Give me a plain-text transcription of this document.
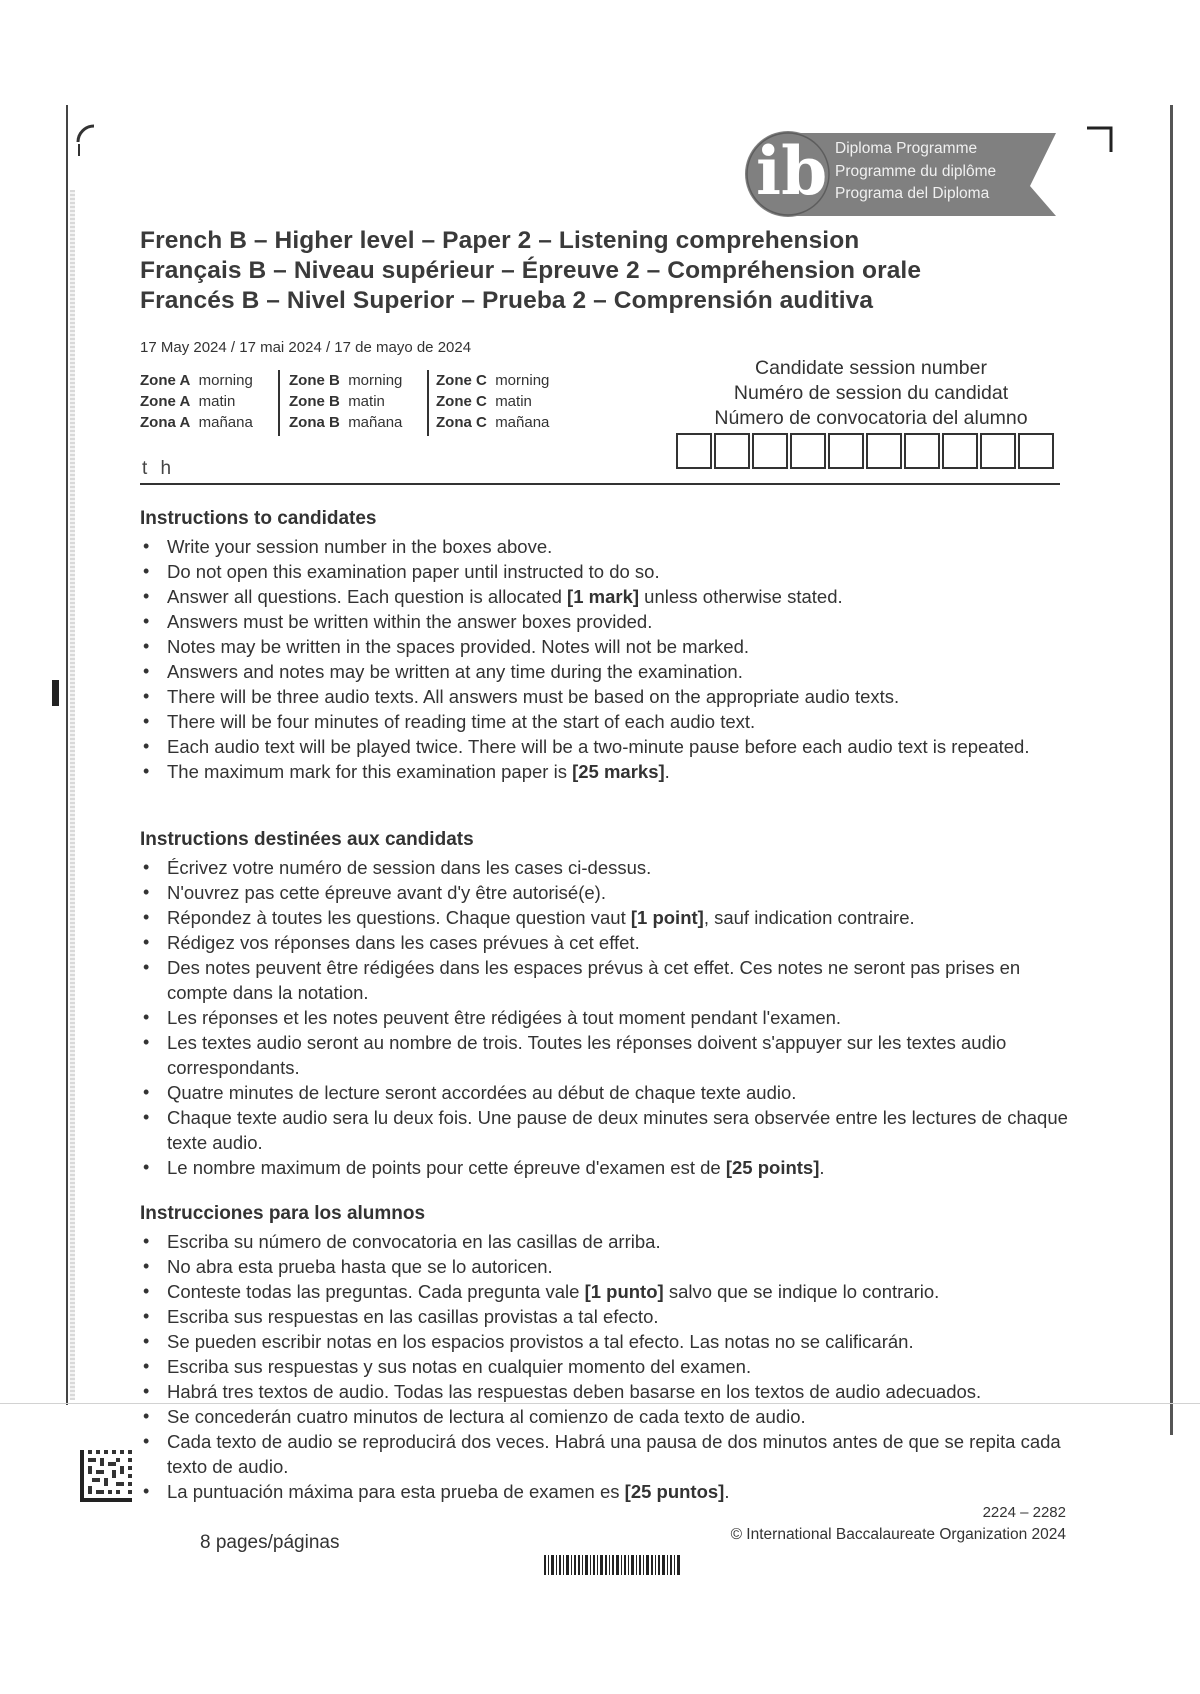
ib Diploma Programme
Programme du diplôme
Programa del Diploma
French B – Higher level – Paper 2 – Listening comprehension
Français B – Niveau supérieur – Épreuve 2 – Compréhension orale
Francés B – Nivel Superior – Prueba 2 – Comprensión auditiva
17 May 2024 / 17 mai 2024 / 17 de mayo de 2024
Zone A morning
Zone A matin
Zona A mañana
Zone B morning
Zone B matin
Zona B mañana
Zone C morning
Zone C matin
Zona C mañana
t h
Candidate session number
Numéro de session du candidat
Número de convocatoria del alumno
Instructions to candidates
• Write your session number in the boxes above.
• Do not open this examination paper until instructed to do so.
• Answer all questions. Each question is allocated [1 mark] unless otherwise stated.
• Answers must be written within the answer boxes provided.
• Notes may be written in the spaces provided. Notes will not be marked.
• Answers and notes may be written at any time during the examination.
• There will be three audio texts. All answers must be based on the appropriate audio texts.
• There will be four minutes of reading time at the start of each audio text.
• Each audio text will be played twice. There will be a two-minute pause before each audio text is repeated.
• The maximum mark for this examination paper is [25 marks].
Instructions destinées aux candidats
• Écrivez votre numéro de session dans les cases ci-dessus.
• N'ouvrez pas cette épreuve avant d'y être autorisé(e).
• Répondez à toutes les questions. Chaque question vaut [1 point], sauf indication contraire.
• Rédigez vos réponses dans les cases prévues à cet effet.
• Des notes peuvent être rédigées dans les espaces prévus à cet effet. Ces notes ne seront pas prises en compte dans la notation.
• Les réponses et les notes peuvent être rédigées à tout moment pendant l'examen.
• Les textes audio seront au nombre de trois. Toutes les réponses doivent s'appuyer sur les textes audio correspondants.
• Quatre minutes de lecture seront accordées au début de chaque texte audio.
• Chaque texte audio sera lu deux fois. Une pause de deux minutes sera observée entre les lectures de chaque texte audio.
• Le nombre maximum de points pour cette épreuve d'examen est de [25 points].
Instrucciones para los alumnos
• Escriba su número de convocatoria en las casillas de arriba.
• No abra esta prueba hasta que se lo autoricen.
• Conteste todas las preguntas. Cada pregunta vale [1 punto] salvo que se indique lo contrario.
• Escriba sus respuestas en las casillas provistas a tal efecto.
• Se pueden escribir notas en los espacios provistos a tal efecto. Las notas no se calificarán.
• Escriba sus respuestas y sus notas en cualquier momento del examen.
• Habrá tres textos de audio. Todas las respuestas deben basarse en los textos de audio adecuados.
• Se concederán cuatro minutos de lectura al comienzo de cada texto de audio.
• Cada texto de audio se reproducirá dos veces. Habrá una pausa de dos minutos antes de que se repita cada texto de audio.
• La puntuación máxima para esta prueba de examen es [25 puntos].
2224 – 2282
8 pages/páginas	© International Baccalaureate Organization 2024
